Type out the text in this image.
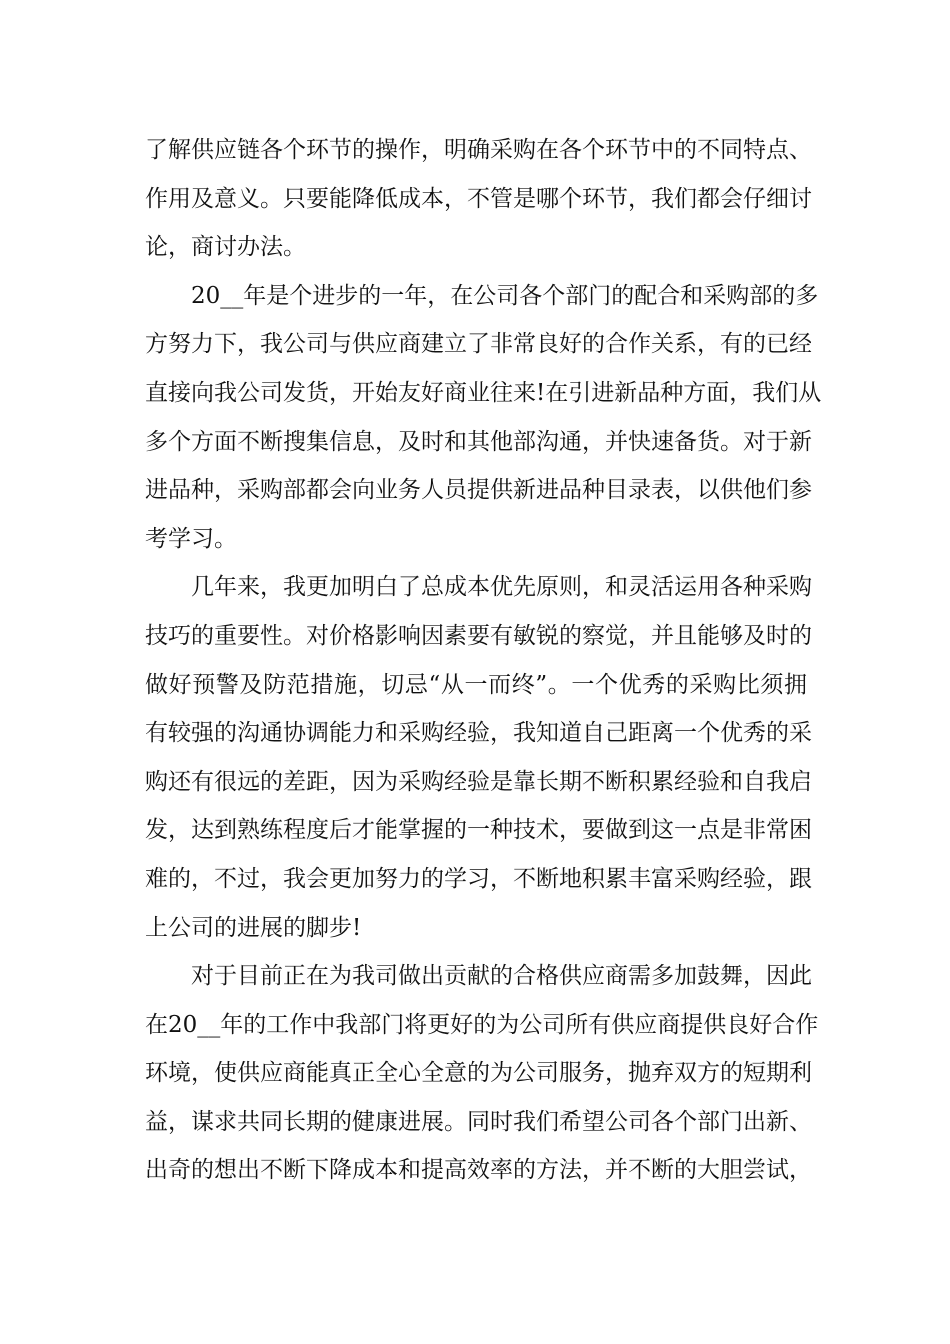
了解供应链各个环节的操作，明确采购在各个环节中的不同特点、
作用及意义。只要能降低成本，不管是哪个环节，我们都会仔细讨
论，商讨办法。
20__年是个进步的一年，在公司各个部门的配合和采购部的多
方努力下，我公司与供应商建立了非常良好的合作关系，有的已经
直接向我公司发货，开始友好商业往来!在引进新品种方面，我们从
多个方面不断搜集信息，及时和其他部沟通，并快速备货。对于新
进品种，采购部都会向业务人员提供新进品种目录表，以供他们参
考学习。
几年来，我更加明白了总成本优先原则，和灵活运用各种采购
技巧的重要性。对价格影响因素要有敏锐的察觉，并且能够及时的
做好预警及防范措施，切忌“从一而终”。一个优秀的采购比须拥
有较强的沟通协调能力和采购经验，我知道自己距离一个优秀的采
购还有很远的差距，因为采购经验是靠长期不断积累经验和自我启
发，达到熟练程度后才能掌握的一种技术，要做到这一点是非常困
难的，不过，我会更加努力的学习，不断地积累丰富采购经验，跟
上公司的进展的脚步!
对于目前正在为我司做出贡献的合格供应商需多加鼓舞，因此
在20__年的工作中我部门将更好的为公司所有供应商提供良好合作
环境，使供应商能真正全心全意的为公司服务，抛弃双方的短期利
益，谋求共同长期的健康进展。同时我们希望公司各个部门出新、
出奇的想出不断下降成本和提高效率的方法，并不断的大胆尝试，
